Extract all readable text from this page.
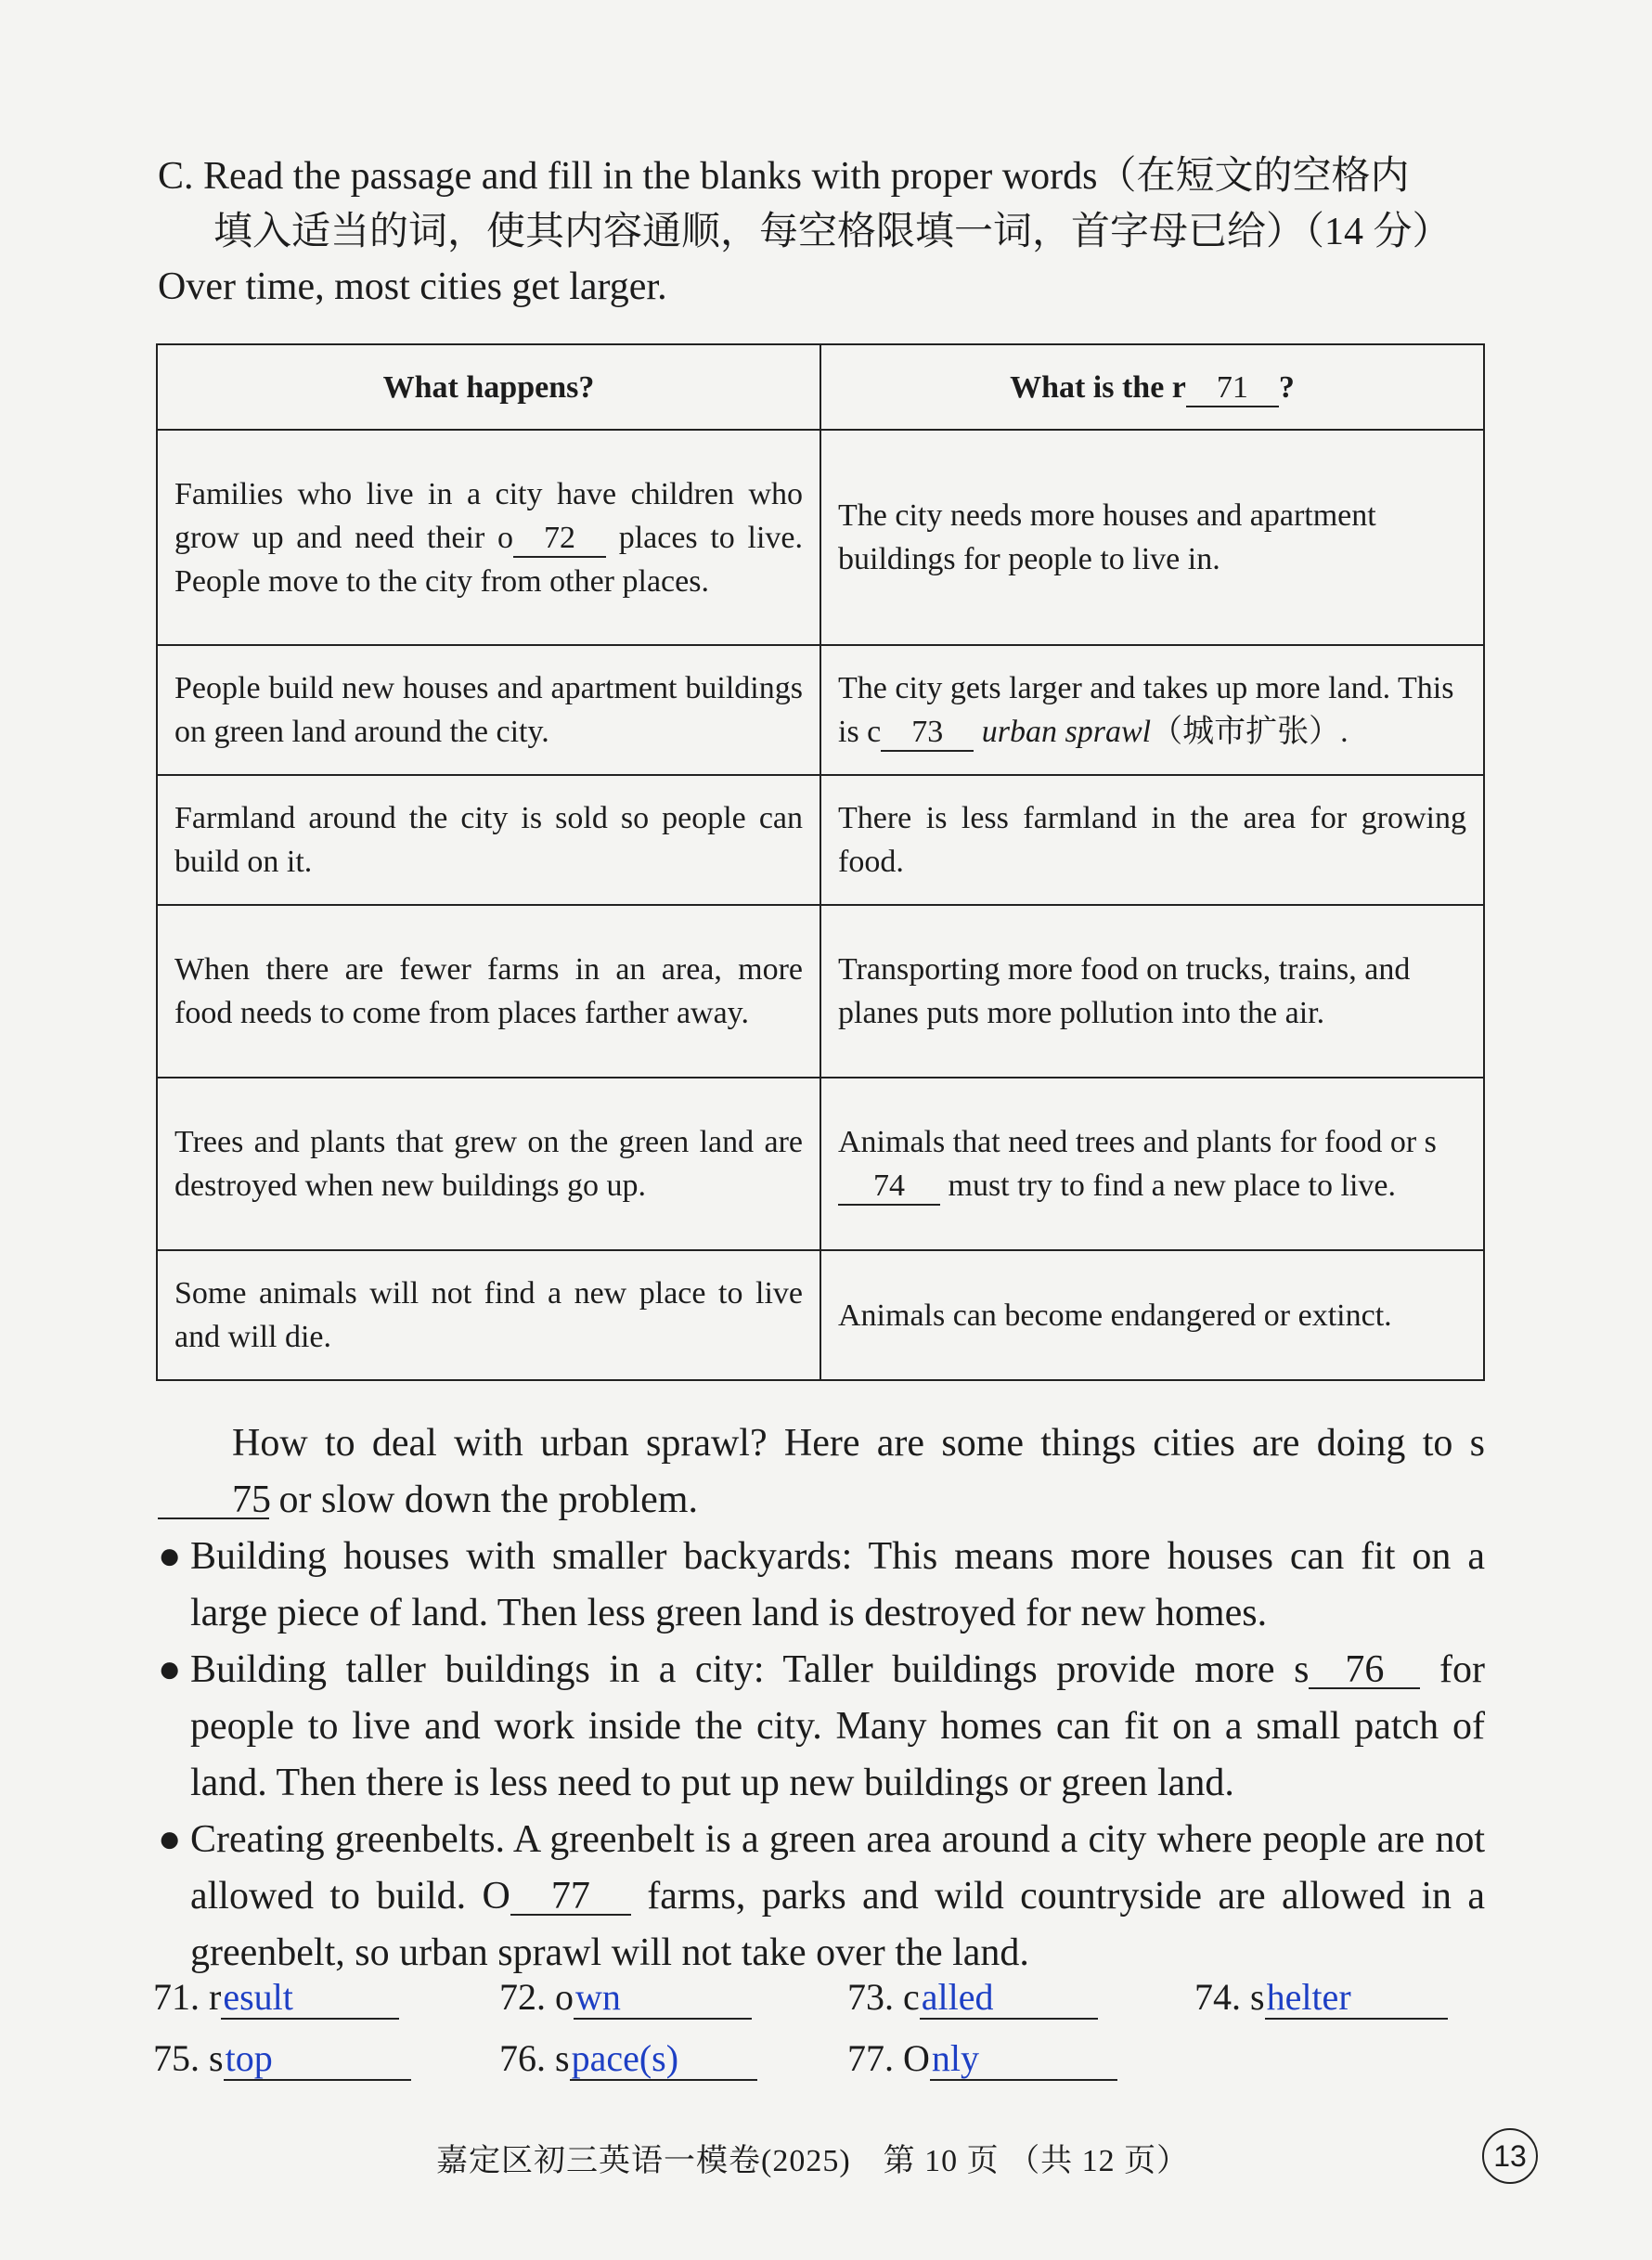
C. Read the passage and fill in the blanks with proper words（在短文的空格内
填入适当的词，使其内容通顺，每空格限填一词，首字母已给）（14 分）
Over time, most cities get larger.
What happens?	What is the r 71 ?
Families who live in a city have children who grow up and need their o 72 places to live. People move to the city from other places.	The city needs more houses and apartment buildings for people to live in.
People build new houses and apartment buildings on green land around the city.	The city gets larger and takes up more land. This is c 73 urban sprawl（城市扩张）.
Farmland around the city is sold so people can build on it.	There is less farmland in the area for growing food.
When there are fewer farms in an area, more food needs to come from places farther away.	Transporting more food on trucks, trains, and planes puts more pollution into the air.
Trees and plants that grew on the green land are destroyed when new buildings go up.	Animals that need trees and plants for food or s74 must try to find a new place to live.
Some animals will not find a new place to live and will die.	Animals can become endangered or extinct.

How to deal with urban sprawl? Here are some things cities are doing to s75 or slow down the problem.

● Building houses with smaller backyards: This means more houses can fit on a large piece of land. Then less green land is destroyed for new homes.
● Building taller buildings in a city: Taller buildings provide more s 76 for people to live and work inside the city. Many homes can fit on a small patch of land. Then there is less need to put up new buildings or green land.
● Creating greenbelts. A greenbelt is a green area around a city where people are not allowed to build. O 77 farms, parks and wild countryside are allowed in a greenbelt, so urban sprawl will not take over the land.
71. result	72. own	73. called	74. shelter
75. stop	76. space(s)	77. Only
嘉定区初三英语一模卷(2025)　第 10 页 （共 12 页）	13
